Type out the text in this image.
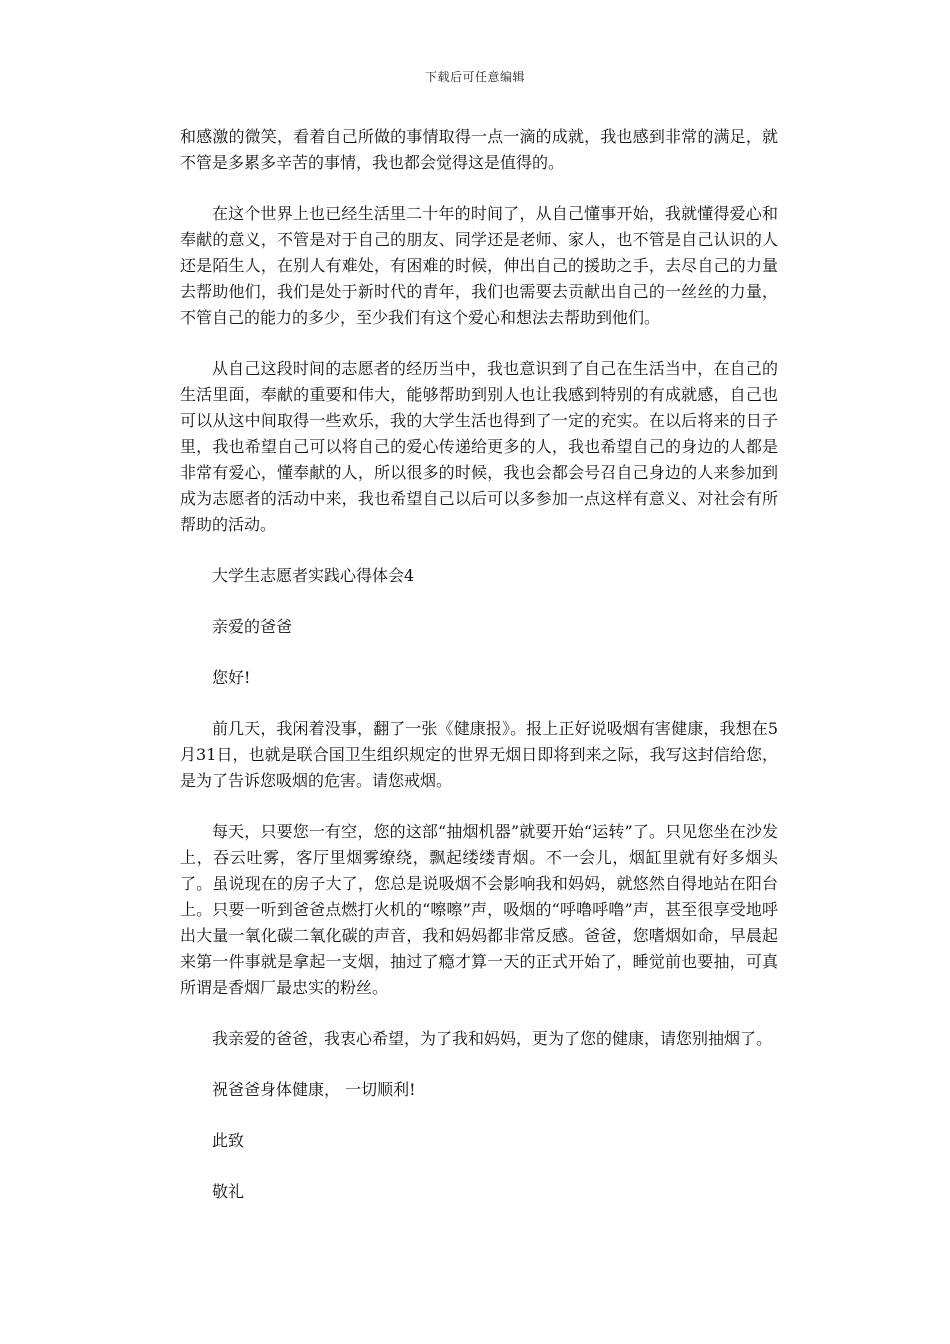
下载后可任意编辑

和感激的微笑，看着自己所做的事情取得一点一滴的成就，我也感到非常的满足，就不管是多累多辛苦的事情，我也都会觉得这是值得的。

在这个世界上也已经生活里二十年的时间了，从自己懂事开始，我就懂得爱心和奉献的意义，不管是对于自己的朋友、同学还是老师、家人，也不管是自己认识的人还是陌生人，在别人有难处，有困难的时候，伸出自己的援助之手，去尽自己的力量去帮助他们，我们是处于新时代的青年，我们也需要去贡献出自己的一丝丝的力量，不管自己的能力的多少，至少我们有这个爱心和想法去帮助到他们。

从自己这段时间的志愿者的经历当中，我也意识到了自己在生活当中，在自己的生活里面，奉献的重要和伟大，能够帮助到别人也让我感到特别的有成就感，自己也可以从这中间取得一些欢乐，我的大学生活也得到了一定的充实。在以后将来的日子里，我也希望自己可以将自己的爱心传递给更多的人，我也希望自己的身边的人都是非常有爱心，懂奉献的人，所以很多的时候，我也会都会号召自己身边的人来参加到成为志愿者的活动中来，我也希望自己以后可以多参加一点这样有意义、对社会有所帮助的活动。

大学生志愿者实践心得体会4

亲爱的爸爸

您好!

前几天，我闲着没事，翻了一张《健康报》。报上正好说吸烟有害健康，我想在5月31日，也就是联合国卫生组织规定的世界无烟日即将到来之际，我写这封信给您，是为了告诉您吸烟的危害。请您戒烟。

每天，只要您一有空，您的这部“抽烟机器”就要开始“运转”了。只见您坐在沙发上，吞云吐雾，客厅里烟雾缭绕，飘起缕缕青烟。不一会儿，烟缸里就有好多烟头了。虽说现在的房子大了，您总是说吸烟不会影响我和妈妈，就悠然自得地站在阳台上。只要一听到爸爸点燃打火机的“嚓嚓”声，吸烟的“呼噜呼噜”声，甚至很享受地呼出大量一氧化碳二氧化碳的声音，我和妈妈都非常反感。爸爸，您嗜烟如命，早晨起来第一件事就是拿起一支烟，抽过了瘾才算一天的正式开始了，睡觉前也要抽，可真所谓是香烟厂最忠实的粉丝。

我亲爱的爸爸，我衷心希望，为了我和妈妈，更为了您的健康，请您别抽烟了。

祝爸爸身体健康， 一切顺利!

此致

敬礼
